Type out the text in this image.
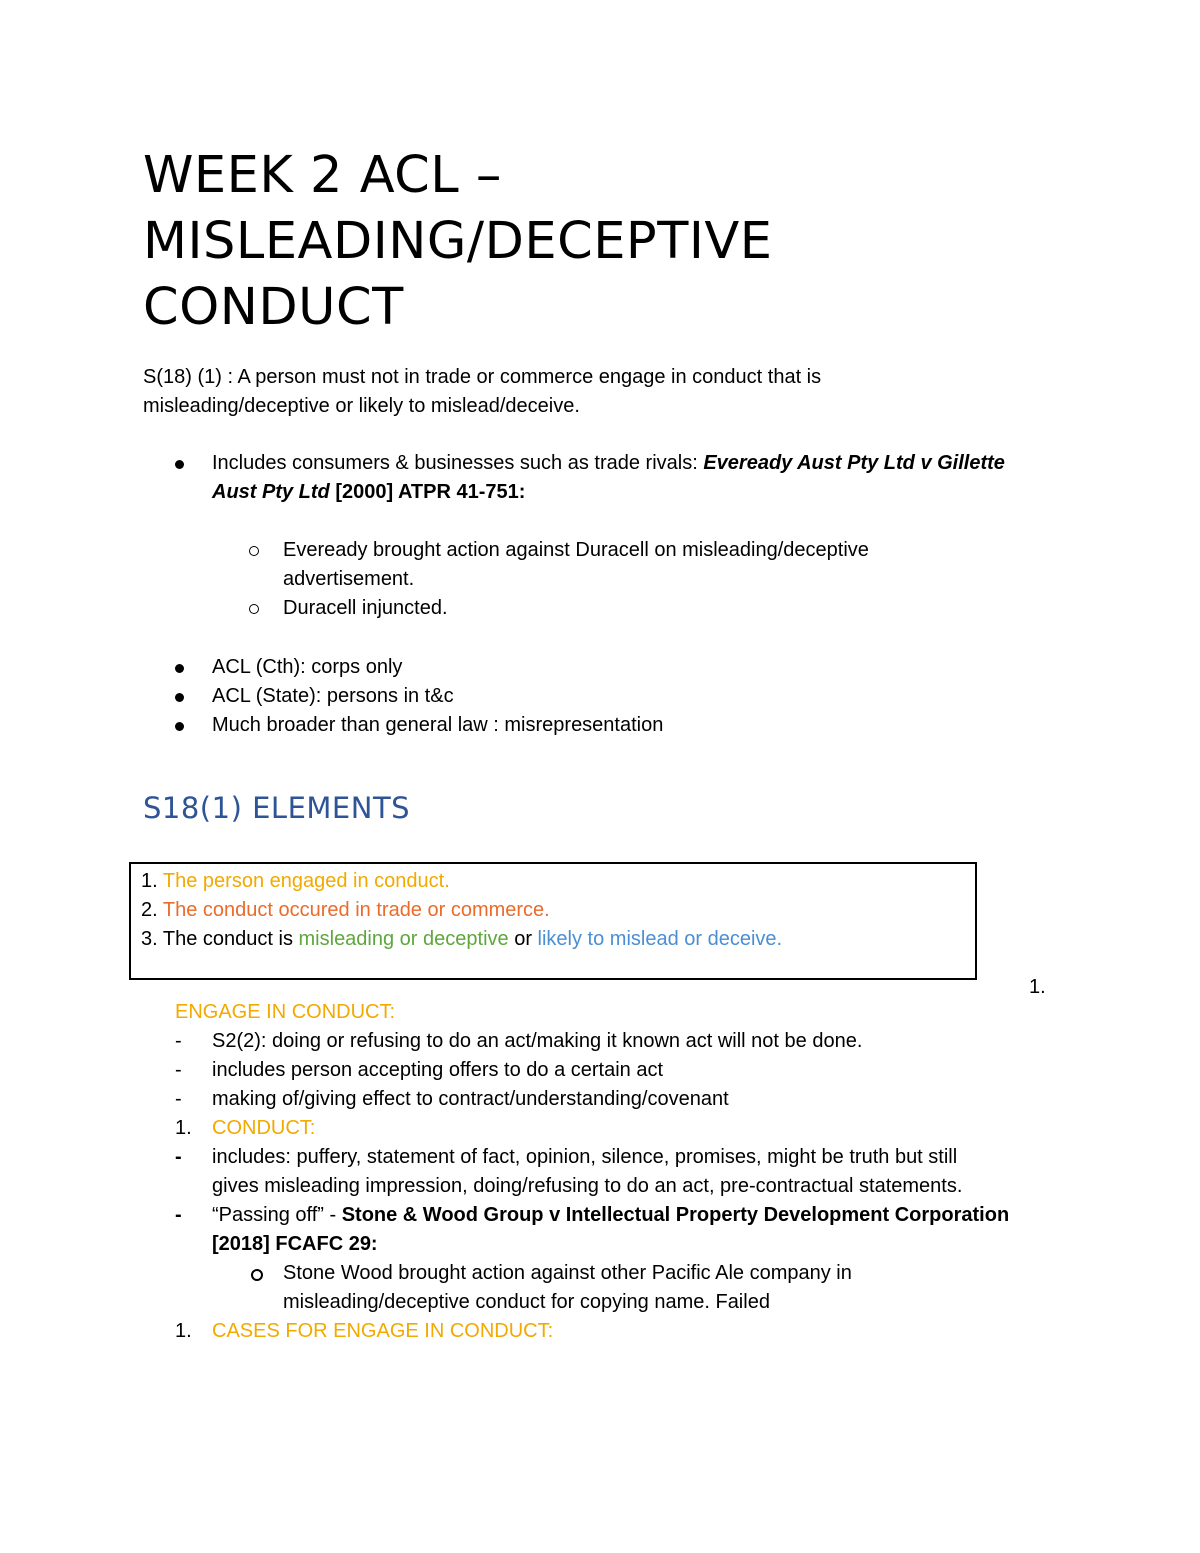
WEEK 2 ACL –
MISLEADING/DECEPTIVE
CONDUCT
S(18) (1) : A person must not in trade or commerce engage in conduct that is
misleading/deceptive or likely to mislead/deceive.
Includes consumers & businesses such as trade rivals: Eveready Aust Pty Ltd v Gillette
Aust Pty Ltd [2000] ATPR 41-751:
Eveready brought action against Duracell on misleading/deceptive
advertisement.
Duracell injuncted.
ACL (Cth): corps only
ACL (State): persons in t&c
Much broader than general law : misrepresentation
S18(1) ELEMENTS
1. The person engaged in conduct.
2. The conduct occured in trade or commerce.
3. The conduct is misleading or deceptive or likely to mislead or deceive.
1.
ENGAGE IN CONDUCT:
- S2(2): doing or refusing to do an act/making it known act will not be done.
- includes person accepting offers to do a certain act
- making of/giving effect to contract/understanding/covenant
1. CONDUCT:
- includes: puffery, statement of fact, opinion, silence, promises, might be truth but still
gives misleading impression, doing/refusing to do an act, pre-contractual statements.
- “Passing off” - Stone & Wood Group v Intellectual Property Development Corporation
[2018] FCAFC 29:
Stone Wood brought action against other Pacific Ale company in
misleading/deceptive conduct for copying name. Failed
1. CASES FOR ENGAGE IN CONDUCT:
